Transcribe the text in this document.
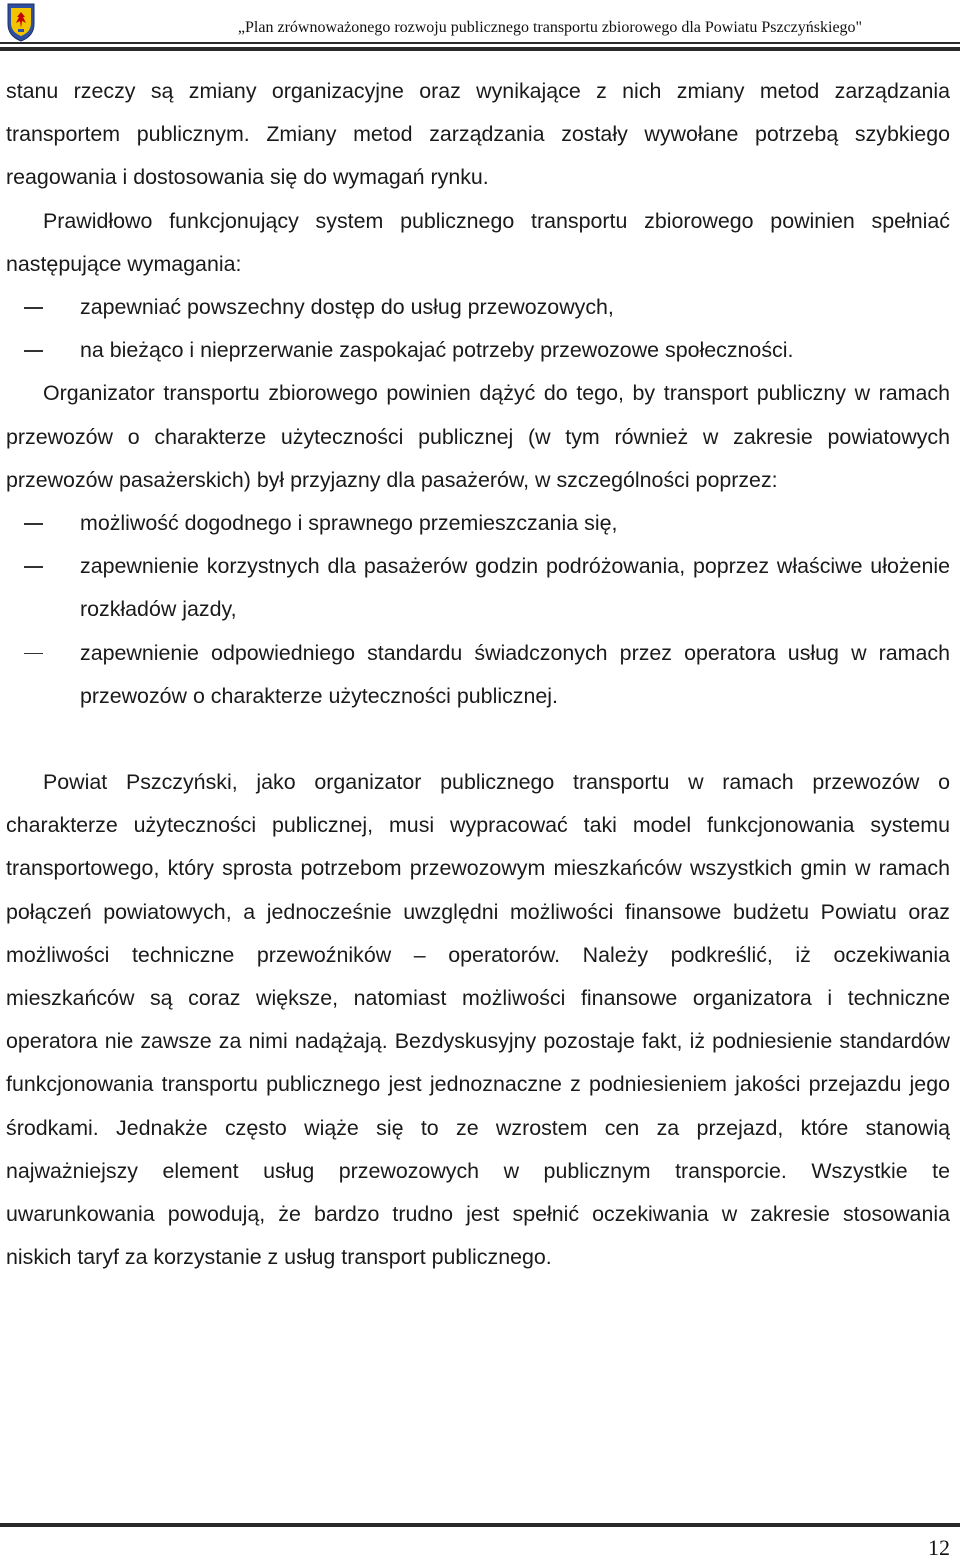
„Plan zrównoważonego rozwoju publicznego transportu zbiorowego dla Powiatu Pszczyńskiego"

stanu rzeczy są zmiany organizacyjne oraz wynikające z nich zmiany metod zarządzania transportem publicznym. Zmiany metod zarządzania zostały wywołane potrzebą szybkiego reagowania i dostosowania się do wymagań rynku.

Prawidłowo funkcjonujący system publicznego transportu zbiorowego powinien spełniać następujące wymagania:

zapewniać powszechny dostęp do usług przewozowych,

na bieżąco i nieprzerwanie zaspokajać potrzeby przewozowe społeczności.

Organizator transportu zbiorowego powinien dążyć do tego, by transport publiczny w ramach przewozów o charakterze użyteczności publicznej (w tym również w zakresie powiatowych przewozów pasażerskich) był przyjazny dla pasażerów, w szczególności poprzez:

możliwość dogodnego i sprawnego przemieszczania się,

zapewnienie korzystnych dla pasażerów godzin podróżowania, poprzez właściwe ułożenie rozkładów jazdy,

zapewnienie odpowiedniego standardu świadczonych przez operatora usług w ramach przewozów o charakterze użyteczności publicznej.

Powiat Pszczyński, jako organizator publicznego transportu w ramach przewozów o charakterze użyteczności publicznej, musi wypracować taki model funkcjonowania systemu transportowego, który sprosta potrzebom przewozowym mieszkańców wszystkich gmin w ramach połączeń powiatowych, a jednocześnie uwzględni możliwości finansowe budżetu Powiatu oraz możliwości techniczne przewoźników – operatorów. Należy podkreślić, iż oczekiwania mieszkańców są coraz większe, natomiast możliwości finansowe organizatora i techniczne operatora nie zawsze za nimi nadążają. Bezdyskusyjny pozostaje fakt, iż podniesienie standardów funkcjonowania transportu publicznego jest jednoznaczne z podniesieniem jakości przejazdu jego środkami. Jednakże często wiąże się to ze wzrostem cen za przejazd, które stanowią najważniejszy element usług przewozowych w publicznym transporcie. Wszystkie te uwarunkowania powodują, że bardzo trudno jest spełnić oczekiwania w zakresie stosowania niskich taryf za korzystanie z usług transport publicznego.

12
